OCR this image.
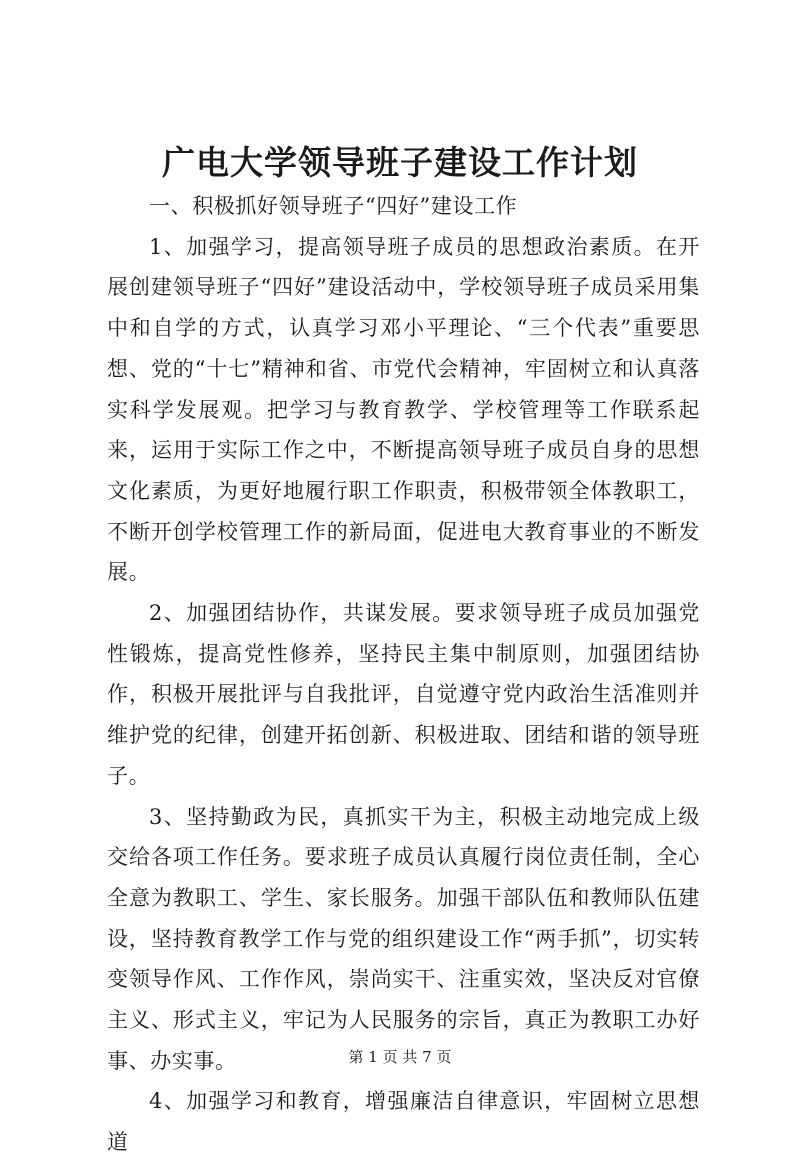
广电大学领导班子建设工作计划

一、积极抓好领导班子“四好”建设工作

1、加强学习，提高领导班子成员的思想政治素质。在开展创建领导班子“四好”建设活动中，学校领导班子成员采用集中和自学的方式，认真学习邓小平理论、“三个代表”重要思想、党的“十七”精神和省、市党代会精神，牢固树立和认真落实科学发展观。把学习与教育教学、学校管理等工作联系起来，运用于实际工作之中，不断提高领导班子成员自身的思想文化素质，为更好地履行职工作职责，积极带领全体教职工，不断开创学校管理工作的新局面，促进电大教育事业的不断发展。

2、加强团结协作，共谋发展。要求领导班子成员加强党性锻炼，提高党性修养，坚持民主集中制原则，加强团结协作，积极开展批评与自我批评，自觉遵守党内政治生活准则并维护党的纪律，创建开拓创新、积极进取、团结和谐的领导班子。

3、坚持勤政为民，真抓实干为主，积极主动地完成上级交给各项工作任务。要求班子成员认真履行岗位责任制，全心全意为教职工、学生、家长服务。加强干部队伍和教师队伍建设，坚持教育教学工作与党的组织建设工作“两手抓”，切实转变领导作风、工作作风，崇尚实干、注重实效，坚决反对官僚主义、形式主义，牢记为人民服务的宗旨，真正为教职工办好事、办实事。

4、加强学习和教育，增强廉洁自律意识，牢固树立思想道

第 1 页 共 7 页
